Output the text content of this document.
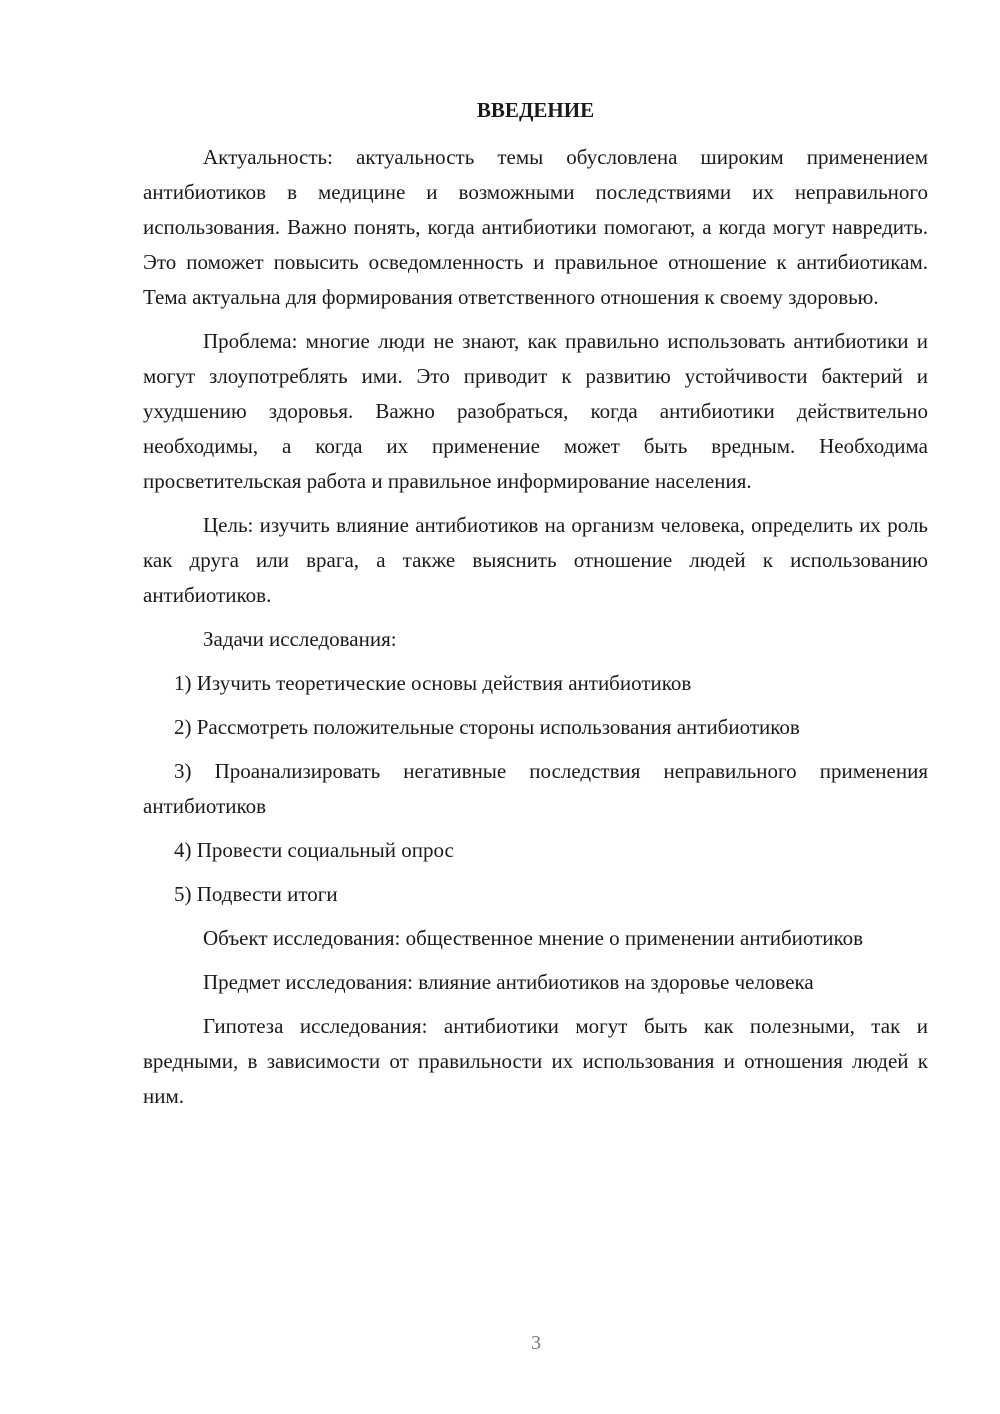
ВВЕДЕНИЕ

Актуальность: актуальность темы обусловлена широким применением антибиотиков в медицине и возможными последствиями их неправильного использования. Важно понять, когда антибиотики помогают, а когда могут навредить. Это поможет повысить осведомленность и правильное отношение к антибиотикам. Тема актуальна для формирования ответственного отношения к своему здоровью.

Проблема: многие люди не знают, как правильно использовать антибиотики и могут злоупотреблять ими. Это приводит к развитию устойчивости бактерий и ухудшению здоровья. Важно разобраться, когда антибиотики действительно необходимы, а когда их применение может быть вредным. Необходима просветительская работа и правильное информирование населения.

Цель: изучить влияние антибиотиков на организм человека, определить их роль как друга или врага, а также выяснить отношение людей к использованию антибиотиков.

Задачи исследования:

1) Изучить теоретические основы действия антибиотиков

2) Рассмотреть положительные стороны использования антибиотиков

3) Проанализировать негативные последствия неправильного применения антибиотиков

4) Провести социальный опрос

5) Подвести итоги

Объект исследования: общественное мнение о применении антибиотиков

Предмет исследования: влияние антибиотиков на здоровье человека

Гипотеза исследования: антибиотики могут быть как полезными, так и вредными, в зависимости от правильности их использования и отношения людей к ним.

3
